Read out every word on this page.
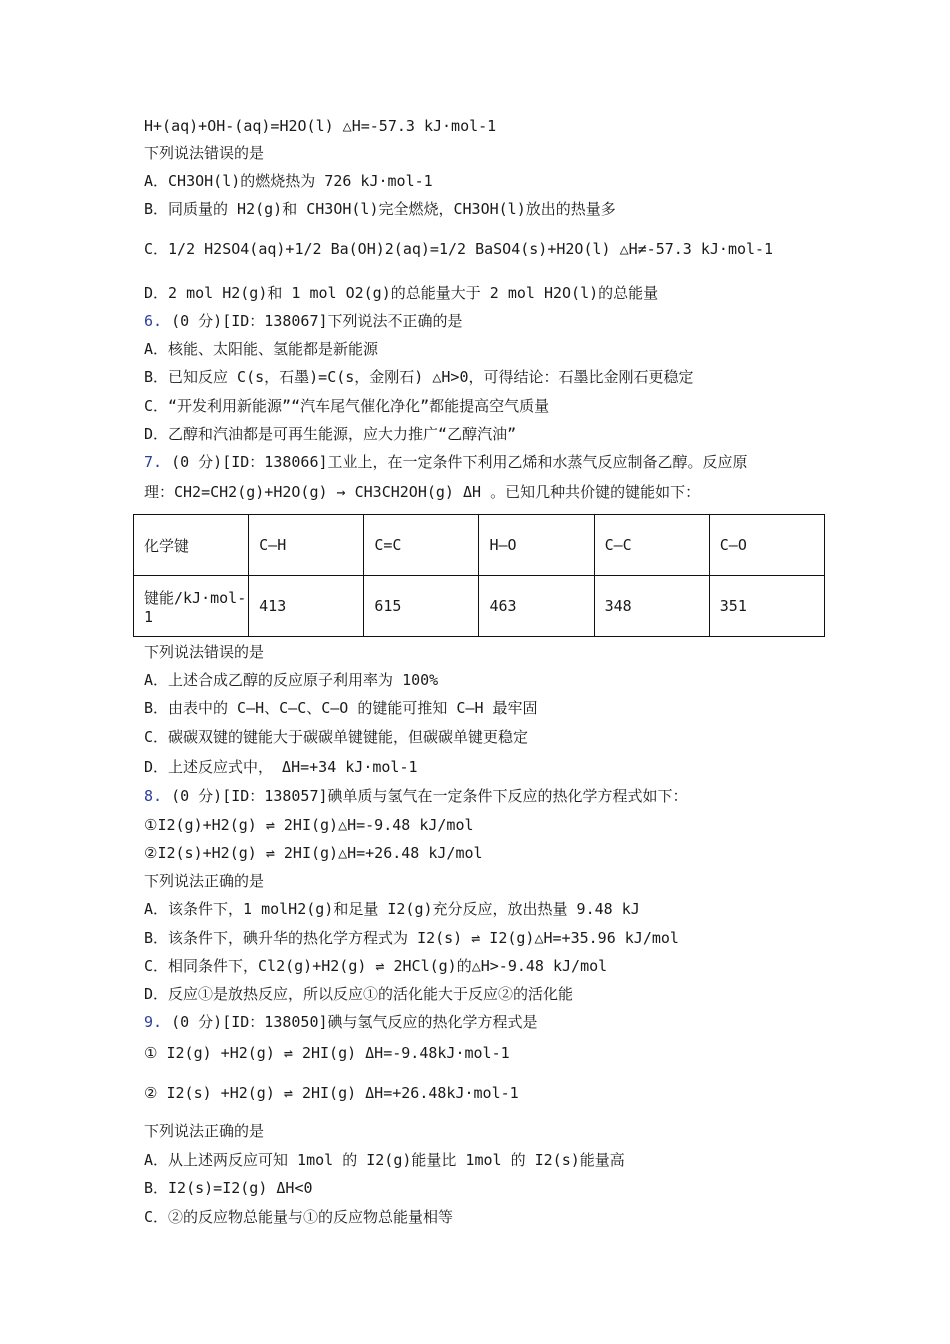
H+(aq)+OH-(aq)=H2O(l) △H=-57.3 kJ·mol-1
下列说法错误的是
A．CH3OH(l)的燃烧热为 726 kJ·mol-1
B．同质量的 H2(g)和 CH3OH(l)完全燃烧，CH3OH(l)放出的热量多
C．1/2 H2SO4(aq)+1/2 Ba(OH)2(aq)=1/2 BaSO4(s)+H2O(l) △H≠-57.3 kJ·mol-1
D．2 mol H2(g)和 1 mol O2(g)的总能量大于 2 mol H2O(l)的总能量
6. (0 分)[ID：138067]下列说法不正确的是
A．核能、太阳能、氢能都是新能源
B．已知反应 C(s，石墨)=C(s，金刚石) △H>0，可得结论：石墨比金刚石更稳定
C．“开发利用新能源”“汽车尾气催化净化”都能提高空气质量
D．乙醇和汽油都是可再生能源，应大力推广“乙醇汽油”
7. (0 分)[ID：138066]工业上，在一定条件下利用乙烯和水蒸气反应制备乙醇。反应原
理：CH2=CH2(g)+H2O(g) → CH3CH2OH(g) ΔH 。已知几种共价键的键能如下：
下列说法错误的是
A．上述合成乙醇的反应原子利用率为 100%
B．由表中的 C—H、C—C、C—O 的键能可推知 C—H 最牢固
C．碳碳双键的键能大于碳碳单键键能，但碳碳单键更稳定
D．上述反应式中， ΔH=+34 kJ·mol-1
8. (0 分)[ID：138057]碘单质与氢气在一定条件下反应的热化学方程式如下：
①I2(g)+H2(g) ⇌ 2HI(g)△H=-9.48 kJ/mol
②I2(s)+H2(g) ⇌ 2HI(g)△H=+26.48 kJ/mol
下列说法正确的是
A．该条件下，1 molH2(g)和足量 I2(g)充分反应，放出热量 9.48 kJ
B．该条件下，碘升华的热化学方程式为 I2(s) ⇌ I2(g)△H=+35.96 kJ/mol
C．相同条件下，Cl2(g)+H2(g) ⇌ 2HCl(g)的△H>-9.48 kJ/mol
D．反应①是放热反应，所以反应①的活化能大于反应②的活化能
9. (0 分)[ID：138050]碘与氢气反应的热化学方程式是
① I2(g) +H2(g) ⇌ 2HI(g) ΔH=-9.48kJ·mol-1
② I2(s) +H2(g) ⇌ 2HI(g) ΔH=+26.48kJ·mol-1
下列说法正确的是
A．从上述两反应可知 1mol 的 I2(g)能量比 1mol 的 I2(s)能量高
B．I2(s)=I2(g) ΔH<0
C．②的反应物总能量与①的反应物总能量相等
化学键	C—H	C=C	H—O	C—C	C—O
键能/kJ·mol-1	413	615	463	348	351
